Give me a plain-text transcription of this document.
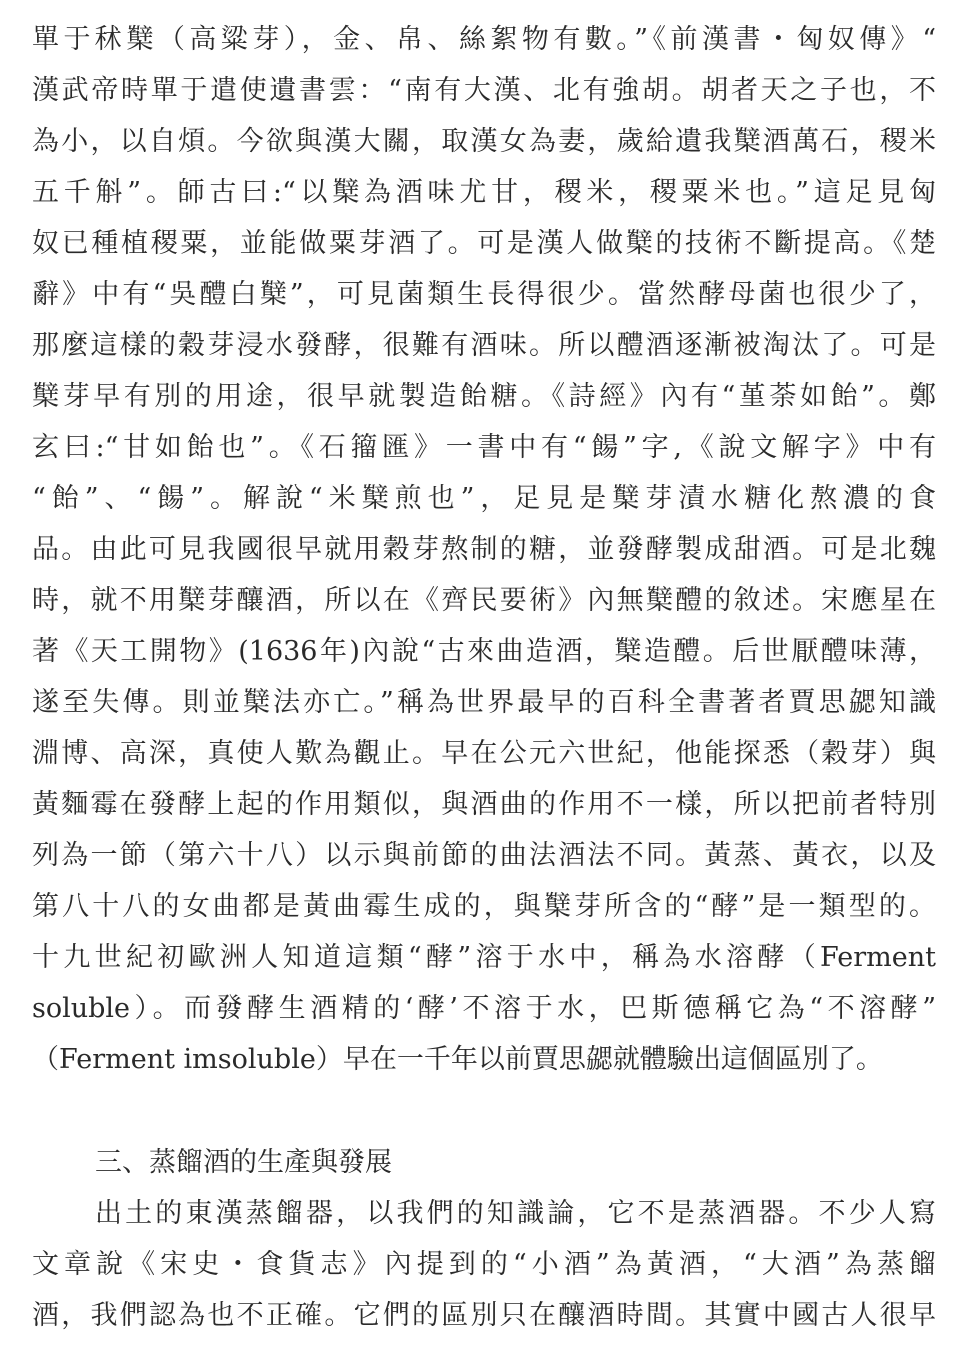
單于秫櫱（高粱芽），金、帛、絲絮物有數。”《前漢書・匈奴傳》“
漢武帝時單于遣使遺書雲：“南有大漢、北有強胡。胡者天之子也，不
為小，以自煩。今欲與漢大關，取漢女為妻，歲給遺我櫱酒萬石，稷米
五千斛”。師古曰:“以櫱為酒味尤甘，稷米，稷粟米也。”這足見匈
奴已種植稷粟，並能做粟芽酒了。可是漢人做櫱的技術不斷提高。《楚
辭》中有“吳醴白櫱”，可見菌類生長得很少。當然酵母菌也很少了，
那麼這樣的穀芽浸水發酵，很難有酒味。所以醴酒逐漸被淘汰了。可是
櫱芽早有別的用途，很早就製造飴糖。《詩經》內有“堇荼如飴”。鄭
玄曰:“甘如飴也”。《石籀匯》一書中有“餳”字,《說文解字》中有
“飴”、“餳”。解說“米櫱煎也”，足見是櫱芽漬水糖化熬濃的食
品。由此可見我國很早就用穀芽熬制的糖，並發酵製成甜酒。可是北魏
時，就不用櫱芽釀酒，所以在《齊民要術》內無櫱醴的敘述。宋應星在
著《天工開物》(1636年)內說“古來曲造酒，櫱造醴。后世厭醴味薄，
遂至失傳。則並櫱法亦亡。”稱為世界最早的百科全書著者賈思勰知識
淵博、高深，真使人歎為觀止。早在公元六世紀，他能探悉（穀芽）與
黃麵霉在發酵上起的作用類似，與酒曲的作用不一樣，所以把前者特別
列為一節（第六十八）以示與前節的曲法酒法不同。黃蒸、黃衣，以及
第八十八的女曲都是黃曲霉生成的，與櫱芽所含的“酵”是一類型的。
十九世紀初歐洲人知道這類“酵”溶于水中，稱為水溶酵（Ferment
soluble）。而發酵生酒精的‘酵’不溶于水，巴斯德稱它為“不溶酵”
（Ferment imsoluble）早在一千年以前賈思勰就體驗出這個區別了。
三、蒸餾酒的生產與發展
出土的東漢蒸餾器，以我們的知識論，它不是蒸酒器。不少人寫
文章說《宋史・食貨志》內提到的“小酒”為黃酒，“大酒”為蒸餾
酒，我們認為也不正確。它們的區別只在釀酒時間。其實中國古人很早
